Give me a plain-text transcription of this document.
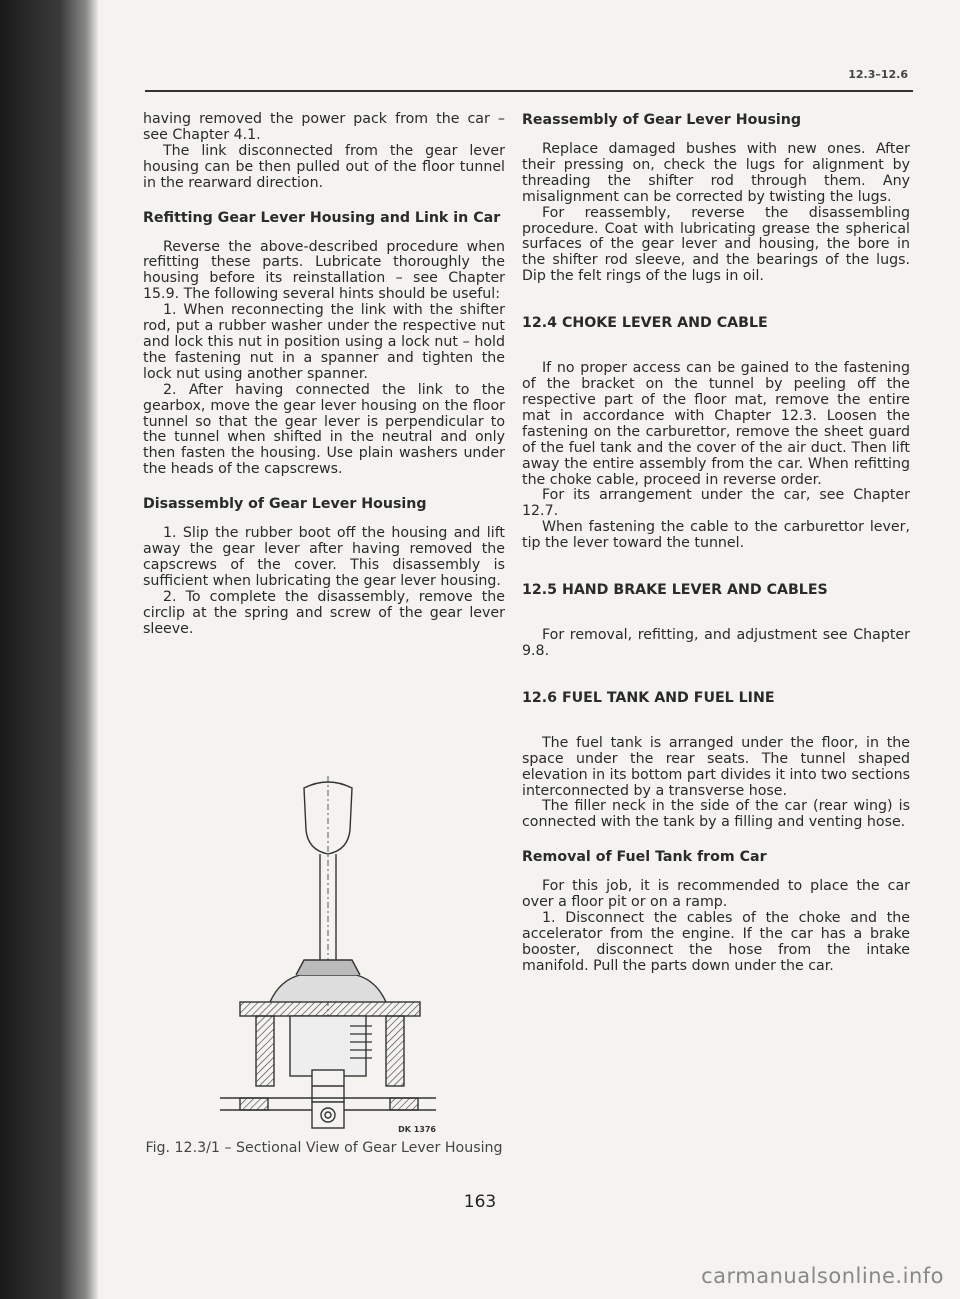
12.3–12.6

having removed the power pack from the car – see Chapter 4.1.

The link disconnected from the gear lever housing can be then pulled out of the floor tunnel in the rearward direction.

Refitting Gear Lever Housing and Link in Car

Reverse the above-described procedure when refitting these parts. Lubricate thoroughly the housing before its reinstallation – see Chapter 15.9. The following several hints should be useful:

1. When reconnecting the link with the shifter rod, put a rubber washer under the respective nut and lock this nut in position using a lock nut – hold the fastening nut in a spanner and tighten the lock nut using another spanner.

2. After having connected the link to the gearbox, move the gear lever housing on the floor tunnel so that the gear lever is perpendicular to the tunnel when shifted in the neutral and only then fasten the housing. Use plain washers under the heads of the capscrews.

Disassembly of Gear Lever Housing

1. Slip the rubber boot off the housing and lift away the gear lever after having removed the capscrews of the cover. This disassembly is sufficient when lubricating the gear lever housing.

2. To complete the disassembly, remove the circlip at the spring and screw of the gear lever sleeve.

DK 1376
Fig. 12.3/1 – Sectional View of Gear Lever Housing
Reassembly of Gear Lever Housing

Replace damaged bushes with new ones. After their pressing on, check the lugs for alignment by threading the shifter rod through them. Any misalignment can be corrected by twisting the lugs.

For reassembly, reverse the disassembling procedure. Coat with lubricating grease the spherical surfaces of the gear lever and housing, the bore in the shifter rod sleeve, and the bearings of the lugs. Dip the felt rings of the lugs in oil.

12.4 CHOKE LEVER AND CABLE

If no proper access can be gained to the fastening of the bracket on the tunnel by peeling off the respective part of the floor mat, remove the entire mat in accordance with Chapter 12.3. Loosen the fastening on the carburettor, remove the sheet guard of the fuel tank and the cover of the air duct. Then lift away the entire assembly from the car. When refitting the choke cable, proceed in reverse order.

For its arrangement under the car, see Chapter 12.7.

When fastening the cable to the carburettor lever, tip the lever toward the tunnel.

12.5 HAND BRAKE LEVER AND CABLES

For removal, refitting, and adjustment see Chapter 9.8.

12.6 FUEL TANK AND FUEL LINE

The fuel tank is arranged under the floor, in the space under the rear seats. The tunnel shaped elevation in its bottom part divides it into two sections interconnected by a transverse hose.

The filler neck in the side of the car (rear wing) is connected with the tank by a filling and venting hose.

Removal of Fuel Tank from Car

For this job, it is recommended to place the car over a floor pit or on a ramp.

1. Disconnect the cables of the choke and the accelerator from the engine. If the car has a brake booster, disconnect the hose from the intake manifold. Pull the parts down under the car.

163
carmanualsonline.info
